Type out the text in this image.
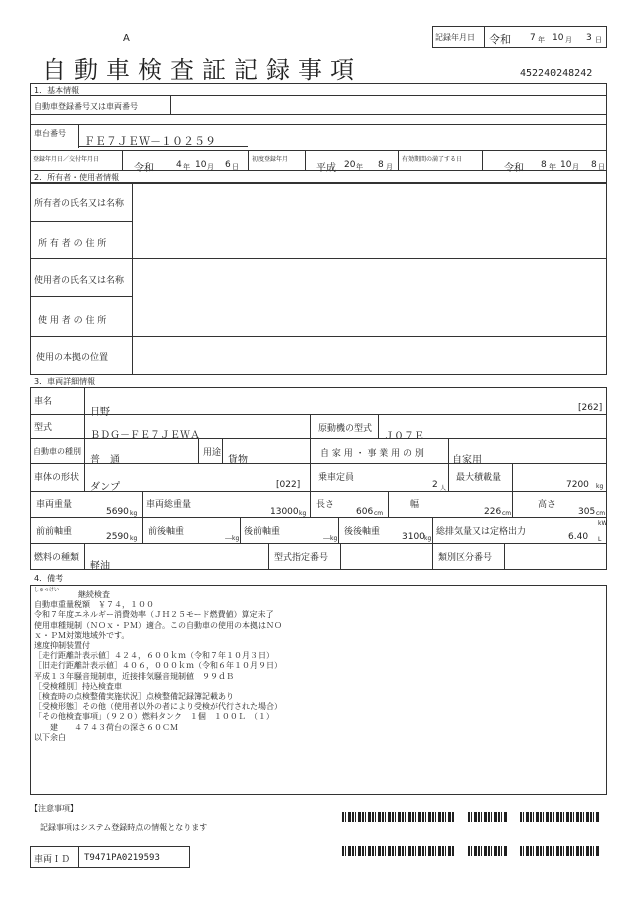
A
自動車検査証記録事項
記録年月日 令和 7 年 10 月 3 日
452240248242
1．基本情報
自動車登録番号又は車両番号
車台番号
ＦＥ７ＪＥＷ－１０２５９
登録年月日／交付年月日
令和 4 年 10 月 6 日
初度登録年月
平成 20 年 8 月
有効期間の満了する日
令和 8 年 10 月 8 日
2．所有者・使用者情報
所有者の氏名又は名称
所 有 者 の 住 所
使用者の氏名又は名称
使 用 者 の 住 所
使用の本拠の位置
3．車両詳細情報
車名
日野	[262]
型式
ＢＤＧ－ＦＥ７ＪＥＷＡ
原動機の型式
Ｊ０７Ｅ
自動車の種別
普　通
用途
貨物
自 家 用 ・ 事 業 用 の 別
自家用
車体の形状
ダンプ	[022]
乗車定員
2 人
最大積載量
7200 kg
車両重量
5690 kg
車両総重量
13000 kg
長さ
606 cm
幅
226 cm
高さ
305 cm
前前軸重	2590 kg
前後軸重
－
kg
後前軸重
－
kg
後後軸重 3100 kg
総排気量又は定格出力
kW
6.40 L
燃料の種類
軽油
型式指定番号	類別区分番号
4．備考
しゅっけい	継続検査
自動車重量税額　￥７４，１００
令和７年度エネルギー消費効率（ＪＨ２５モード燃費値）算定未了
使用車種規制（ＮＯｘ・ＰＭ）適合。この自動車の使用の本拠はＮＯ
ｘ・ＰＭ対策地域外です。
速度抑制装置付
［走行距離計表示値］４２４，６００ｋｍ（令和７年１０月３日）
［旧走行距離計表示値］４０６，０００ｋｍ（令和６年１０月９日）
平成１３年騒音規制車，近接排気騒音規制値　９９ｄＢ
［受検種別］持込検査車
［検査時の点検整備実施状況］点検整備記録簿記載あり
［受検形態］その他（使用者以外の者により受検が代行された場合）
「その他検査事項」（９２０）燃料タンク　１個　１００Ｌ　（１）
　　建　　４７４３荷台の深さ６０ＣＭ
以下余白
【注意事項】
記録事項はシステム登録時点の情報となります
車両ＩＤ T9471PA0219593
